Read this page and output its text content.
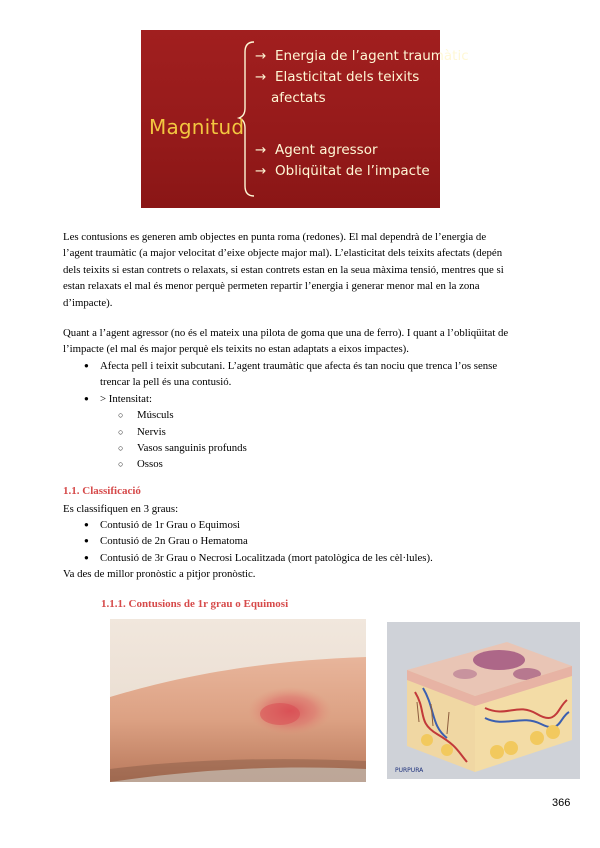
Magnitud
→ Energia de l’agent traumàtic
→ Elasticitat dels teixits
afectats
→ Agent agressor
→ Obliqüitat de l’impacte
Les contusions es generen amb objectes en punta roma (redones). El mal dependrà de l’energia de
l’agent traumàtic (a major velocitat d’eixe objecte major mal). L’elasticitat dels teixits afectats (depén
dels teixits si estan contrets o relaxats, si estan contrets estan en la seua màxima tensió, mentres que si
estan relaxats el mal és menor perquè permeten repartir l’energia i generar menor mal en la zona
d’impacte).
Quant a l’agent agressor (no és el mateix una pilota de goma que una de ferro). I quant a l’obliqüitat de
l’impacte (el mal és major perquè els teixits no estan adaptats a eixos impactes).
● Afecta pell i teixit subcutani. L’agent traumàtic que afecta és tan nociu que trenca l’os sense
trencar la pell és una contusió.
● > Intensitat:
○ Músculs
○ Nervis
○ Vasos sanguinis profunds
○ Ossos
1.1. Classificació
Es classifiquen en 3 graus:
● Contusió de 1r Grau o Equimosi
● Contusió de 2n Grau o Hematoma
● Contusió de 3r Grau o Necrosi Localitzada (mort patològica de les cèl·lules).
Va des de millor pronòstic a pitjor pronòstic.
1.1.1. Contusions de 1r grau o Equimosi
PURPURA
366
